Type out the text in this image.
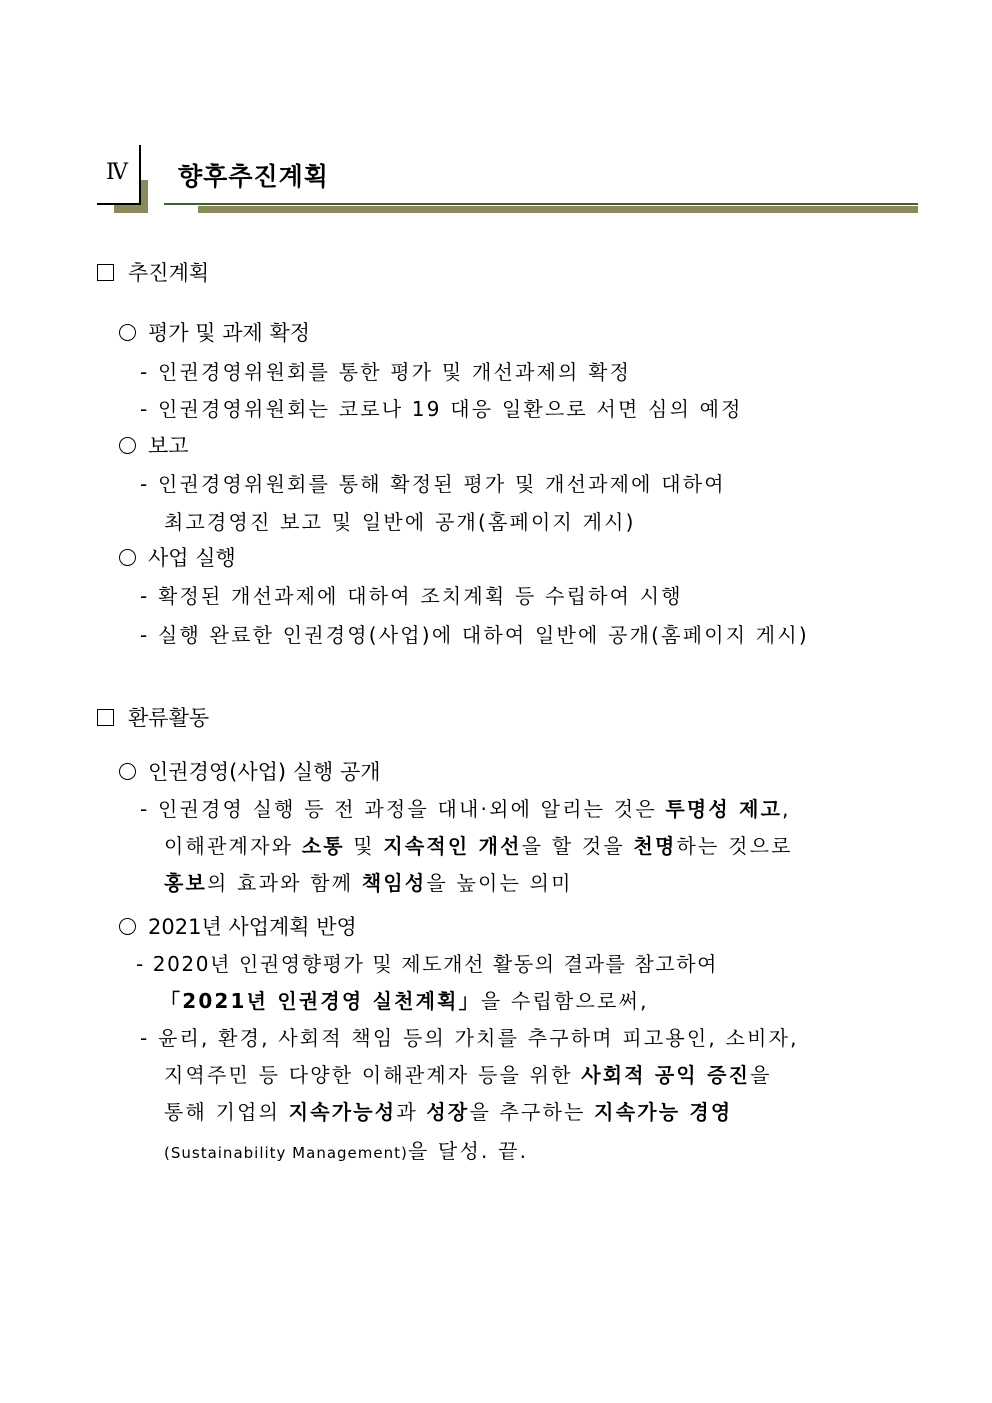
Ⅳ 향후추진계획
추진계획
평가 및 과제 확정
- 인권경영위원회를 통한 평가 및 개선과제의 확정
- 인권경영위원회는 코로나 19 대응 일환으로 서면 심의 예정
보고
- 인권경영위원회를 통해 확정된 평가 및 개선과제에 대하여
최고경영진 보고 및 일반에 공개(홈페이지 게시)
사업 실행
- 확정된 개선과제에 대하여 조치계획 등 수립하여 시행
- 실행 완료한 인권경영(사업)에 대하여 일반에 공개(홈페이지 게시)
환류활동
인권경영(사업) 실행 공개
- 인권경영 실행 등 전 과정을 대내·외에 알리는 것은 투명성 제고,
이해관계자와 소통 및 지속적인 개선을 할 것을 천명하는 것으로
홍보의 효과와 함께 책임성을 높이는 의미
2021년 사업계획 반영
- 2020년 인권영향평가 및 제도개선 활동의 결과를 참고하여
「2021년 인권경영 실천계획」을 수립함으로써,
- 윤리, 환경, 사회적 책임 등의 가치를 추구하며 피고용인, 소비자,
지역주민 등 다양한 이해관계자 등을 위한 사회적 공익 증진을
통해 기업의 지속가능성과 성장을 추구하는 지속가능 경영
(Sustainability Management)을 달성. 끝.
